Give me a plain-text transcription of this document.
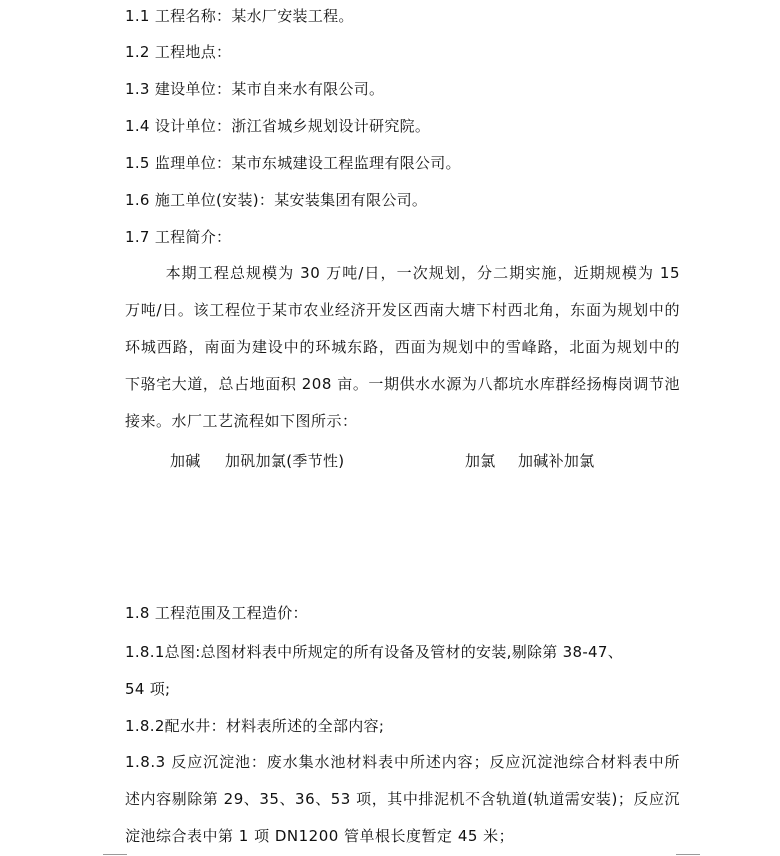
1.1 工程名称：某水厂安装工程。
1.2 工程地点：
1.3 建设单位：某市自来水有限公司。
1.4 设计单位：浙江省城乡规划设计研究院。
1.5 监理单位：某市东城建设工程监理有限公司。
1.6 施工单位(安装)：某安装集团有限公司。
1.7 工程简介：
本期工程总规模为 30 万吨/日，一次规划，分二期实施，近期规模为 15 万吨/日。该工程位于某市农业经济开发区西南大塘下村西北角，东面为规划中的环城西路，南面为建设中的环城东路，西面为规划中的雪峰路，北面为规划中的下骆宅大道，总占地面积 208 亩。一期供水水源为八都坑水库群经扬梅岗调节池接来。水厂工艺流程如下图所示：
加碱 加矾加氯(季节性)	加氯 加碱补加氯
1.8 工程范围及工程造价：
1.8.1总图:总图材料表中所规定的所有设备及管材的安装,剔除第 38-47、
54 项;
1.8.2配水井：材料表所述的全部内容;
1.8.3 反应沉淀池：废水集水池材料表中所述内容；反应沉淀池综合材料表中所述内容剔除第 29、35、36、53 项，其中排泥机不含轨道(轨道需安装)；反应沉淀池综合表中第 1 项 DN1200 管单根长度暂定 45 米；
